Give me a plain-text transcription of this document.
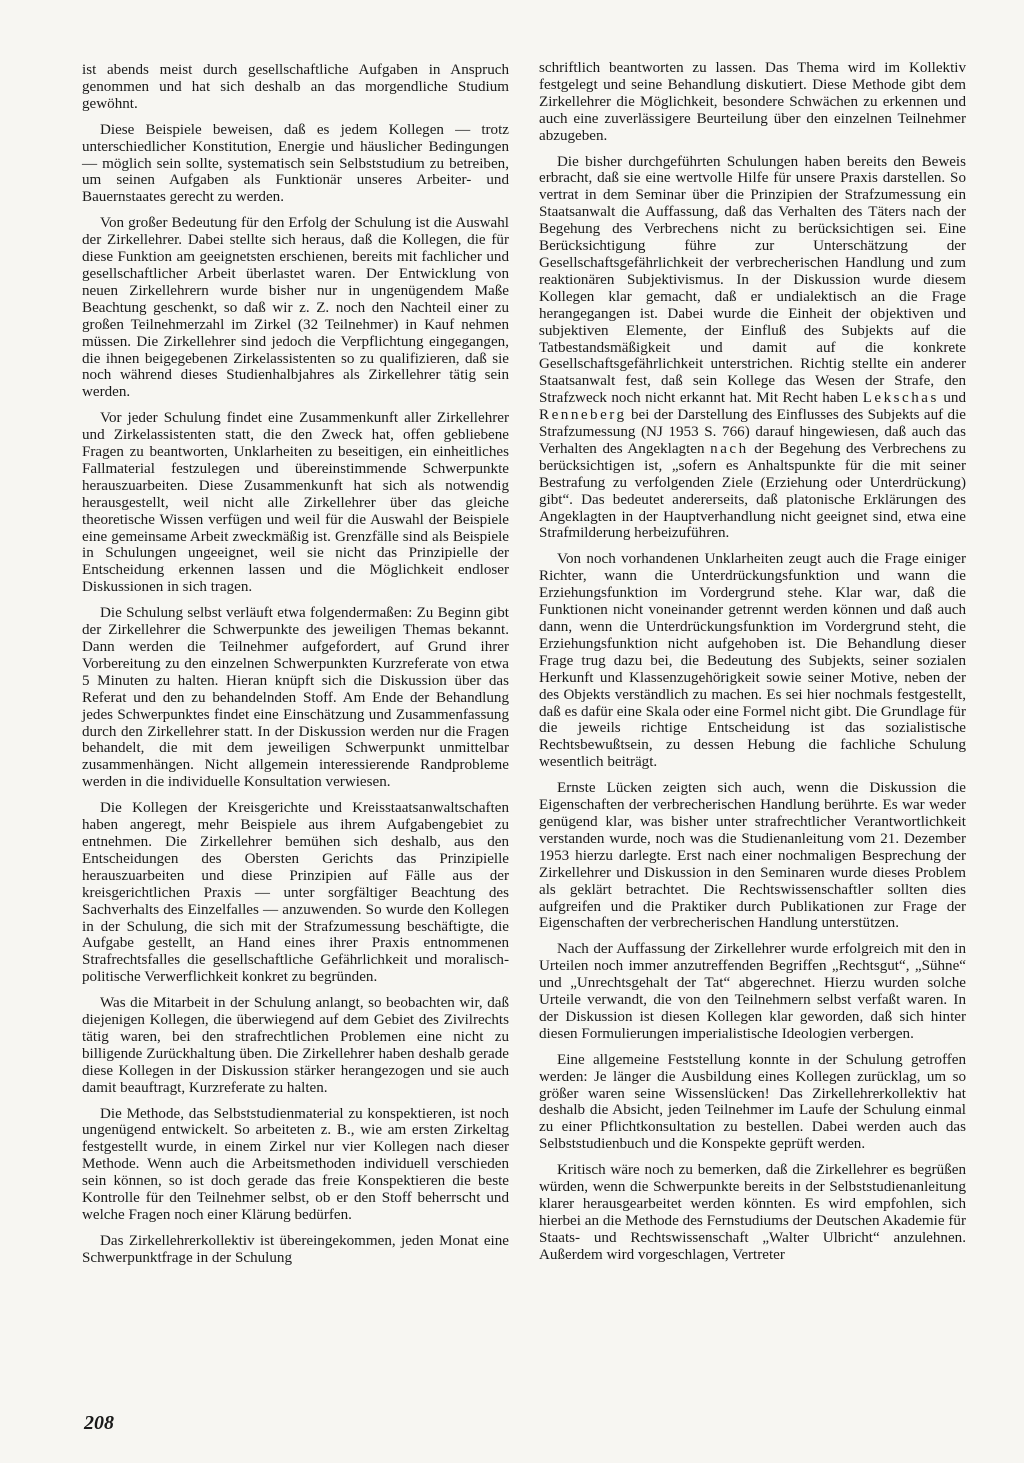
ist abends meist durch gesellschaftliche Aufgaben in Anspruch genommen und hat sich deshalb an das morgendliche Studium gewöhnt.

Diese Beispiele beweisen, daß es jedem Kollegen — trotz unterschiedlicher Konstitution, Energie und häuslicher Bedingungen — möglich sein sollte, systematisch sein Selbststudium zu betreiben, um seinen Aufgaben als Funktionär unseres Arbeiter- und Bauernstaates gerecht zu werden.

Von großer Bedeutung für den Erfolg der Schulung ist die Auswahl der Zirkellehrer. Dabei stellte sich heraus, daß die Kollegen, die für diese Funktion am geeignetsten erschienen, bereits mit fachlicher und gesellschaftlicher Arbeit überlastet waren. Der Entwicklung von neuen Zirkellehrern wurde bisher nur in ungenügendem Maße Beachtung geschenkt, so daß wir z. Z. noch den Nachteil einer zu großen Teilnehmerzahl im Zirkel (32 Teilnehmer) in Kauf nehmen müssen. Die Zirkellehrer sind jedoch die Verpflichtung eingegangen, die ihnen beigegebenen Zirkelassistenten so zu qualifizieren, daß sie noch während dieses Studienhalbjahres als Zirkellehrer tätig sein werden.

Vor jeder Schulung findet eine Zusammenkunft aller Zirkellehrer und Zirkelassistenten statt, die den Zweck hat, offen gebliebene Fragen zu beantworten, Unklarheiten zu beseitigen, ein einheitliches Fallmaterial festzulegen und übereinstimmende Schwerpunkte herauszuarbeiten. Diese Zusammenkunft hat sich als notwendig herausgestellt, weil nicht alle Zirkellehrer über das gleiche theoretische Wissen verfügen und weil für die Auswahl der Beispiele eine gemeinsame Arbeit zweckmäßig ist. Grenzfälle sind als Beispiele in Schulungen ungeeignet, weil sie nicht das Prinzipielle der Entscheidung erkennen lassen und die Möglichkeit endloser Diskussionen in sich tragen.

Die Schulung selbst verläuft etwa folgendermaßen: Zu Beginn gibt der Zirkellehrer die Schwerpunkte des jeweiligen Themas bekannt. Dann werden die Teilnehmer aufgefordert, auf Grund ihrer Vorbereitung zu den einzelnen Schwerpunkten Kurzreferate von etwa 5 Minuten zu halten. Hieran knüpft sich die Diskussion über das Referat und den zu behandelnden Stoff. Am Ende der Behandlung jedes Schwerpunktes findet eine Einschätzung und Zusammenfassung durch den Zirkellehrer statt. In der Diskussion werden nur die Fragen behandelt, die mit dem jeweiligen Schwerpunkt unmittelbar zusammenhängen. Nicht allgemein interessierende Randprobleme werden in die individuelle Konsultation verwiesen.

Die Kollegen der Kreisgerichte und Kreisstaatsanwaltschaften haben angeregt, mehr Beispiele aus ihrem Aufgabengebiet zu entnehmen. Die Zirkellehrer bemühen sich deshalb, aus den Entscheidungen des Obersten Gerichts das Prinzipielle herauszuarbeiten und diese Prinzipien auf Fälle aus der kreisgerichtlichen Praxis — unter sorgfältiger Beachtung des Sachverhalts des Einzelfalles — anzuwenden. So wurde den Kollegen in der Schulung, die sich mit der Strafzumessung beschäftigte, die Aufgabe gestellt, an Hand eines ihrer Praxis entnommenen Strafrechtsfalles die gesellschaftliche Gefährlichkeit und moralisch-politische Verwerflichkeit konkret zu begründen.

Was die Mitarbeit in der Schulung anlangt, so beobachten wir, daß diejenigen Kollegen, die überwiegend auf dem Gebiet des Zivilrechts tätig waren, bei den strafrechtlichen Problemen eine nicht zu billigende Zurückhaltung üben. Die Zirkellehrer haben deshalb gerade diese Kollegen in der Diskussion stärker herangezogen und sie auch damit beauftragt, Kurzreferate zu halten.

Die Methode, das Selbststudienmaterial zu konspektieren, ist noch ungenügend entwickelt. So arbeiteten z. B., wie am ersten Zirkeltag festgestellt wurde, in einem Zirkel nur vier Kollegen nach dieser Methode. Wenn auch die Arbeitsmethoden individuell verschieden sein können, so ist doch gerade das freie Konspektieren die beste Kontrolle für den Teilnehmer selbst, ob er den Stoff beherrscht und welche Fragen noch einer Klärung bedürfen.

Das Zirkellehrerkollektiv ist übereingekommen, jeden Monat eine Schwerpunktfrage in der Schulung

schriftlich beantworten zu lassen. Das Thema wird im Kollektiv festgelegt und seine Behandlung diskutiert. Diese Methode gibt dem Zirkellehrer die Möglichkeit, besondere Schwächen zu erkennen und auch eine zuverlässigere Beurteilung über den einzelnen Teilnehmer abzugeben.

Die bisher durchgeführten Schulungen haben bereits den Beweis erbracht, daß sie eine wertvolle Hilfe für unsere Praxis darstellen. So vertrat in dem Seminar über die Prinzipien der Strafzumessung ein Staatsanwalt die Auffassung, daß das Verhalten des Täters nach der Begehung des Verbrechens nicht zu berücksichtigen sei. Eine Berücksichtigung führe zur Unterschätzung der Gesellschaftsgefährlichkeit der verbrecherischen Handlung und zum reaktionären Subjektivismus. In der Diskussion wurde diesem Kollegen klar gemacht, daß er undialektisch an die Frage herangegangen ist. Dabei wurde die Einheit der objektiven und subjektiven Elemente, der Einfluß des Subjekts auf die Tatbestandsmäßigkeit und damit auf die konkrete Gesellschaftsgefährlichkeit unterstrichen. Richtig stellte ein anderer Staatsanwalt fest, daß sein Kollege das Wesen der Strafe, den Strafzweck noch nicht erkannt hat. Mit Recht haben Lekschas und Renneberg bei der Darstellung des Einflusses des Subjekts auf die Strafzumessung (NJ 1953 S. 766) darauf hingewiesen, daß auch das Verhalten des Angeklagten nach der Begehung des Verbrechens zu berücksichtigen ist, „sofern es Anhaltspunkte für die mit seiner Bestrafung zu verfolgenden Ziele (Erziehung oder Unterdrückung) gibt“. Das bedeutet andererseits, daß platonische Erklärungen des Angeklagten in der Hauptverhandlung nicht geeignet sind, etwa eine Strafmilderung herbeizuführen.

Von noch vorhandenen Unklarheiten zeugt auch die Frage einiger Richter, wann die Unterdrückungsfunktion und wann die Erziehungsfunktion im Vordergrund stehe. Klar war, daß die Funktionen nicht voneinander getrennt werden können und daß auch dann, wenn die Unterdrückungsfunktion im Vordergrund steht, die Erziehungsfunktion nicht aufgehoben ist. Die Behandlung dieser Frage trug dazu bei, die Bedeutung des Subjekts, seiner sozialen Herkunft und Klassenzugehörigkeit sowie seiner Motive, neben der des Objekts verständlich zu machen. Es sei hier nochmals festgestellt, daß es dafür eine Skala oder eine Formel nicht gibt. Die Grundlage für die jeweils richtige Entscheidung ist das sozialistische Rechtsbewußtsein, zu dessen Hebung die fachliche Schulung wesentlich beiträgt.

Ernste Lücken zeigten sich auch, wenn die Diskussion die Eigenschaften der verbrecherischen Handlung berührte. Es war weder genügend klar, was bisher unter strafrechtlicher Verantwortlichkeit verstanden wurde, noch was die Studienanleitung vom 21. Dezember 1953 hierzu darlegte. Erst nach einer nochmaligen Besprechung der Zirkellehrer und Diskussion in den Seminaren wurde dieses Problem als geklärt betrachtet. Die Rechtswissenschaftler sollten dies aufgreifen und die Praktiker durch Publikationen zur Frage der Eigenschaften der verbrecherischen Handlung unterstützen.

Nach der Auffassung der Zirkellehrer wurde erfolgreich mit den in Urteilen noch immer anzutreffenden Begriffen „Rechtsgut“, „Sühne“ und „Unrechtsgehalt der Tat“ abgerechnet. Hierzu wurden solche Urteile verwandt, die von den Teilnehmern selbst verfaßt waren. In der Diskussion ist diesen Kollegen klar geworden, daß sich hinter diesen Formulierungen imperialistische Ideologien verbergen.

Eine allgemeine Feststellung konnte in der Schulung getroffen werden: Je länger die Ausbildung eines Kollegen zurücklag, um so größer waren seine Wissenslücken! Das Zirkellehrerkollektiv hat deshalb die Absicht, jeden Teilnehmer im Laufe der Schulung einmal zu einer Pflichtkonsultation zu bestellen. Dabei werden auch das Selbststudienbuch und die Konspekte geprüft werden.

Kritisch wäre noch zu bemerken, daß die Zirkellehrer es begrüßen würden, wenn die Schwerpunkte bereits in der Selbststudienanleitung klarer herausgearbeitet werden könnten. Es wird empfohlen, sich hierbei an die Methode des Fernstudiums der Deutschen Akademie für Staats- und Rechtswissenschaft „Walter Ulbricht“ anzulehnen. Außerdem wird vorgeschlagen, Vertreter

208
